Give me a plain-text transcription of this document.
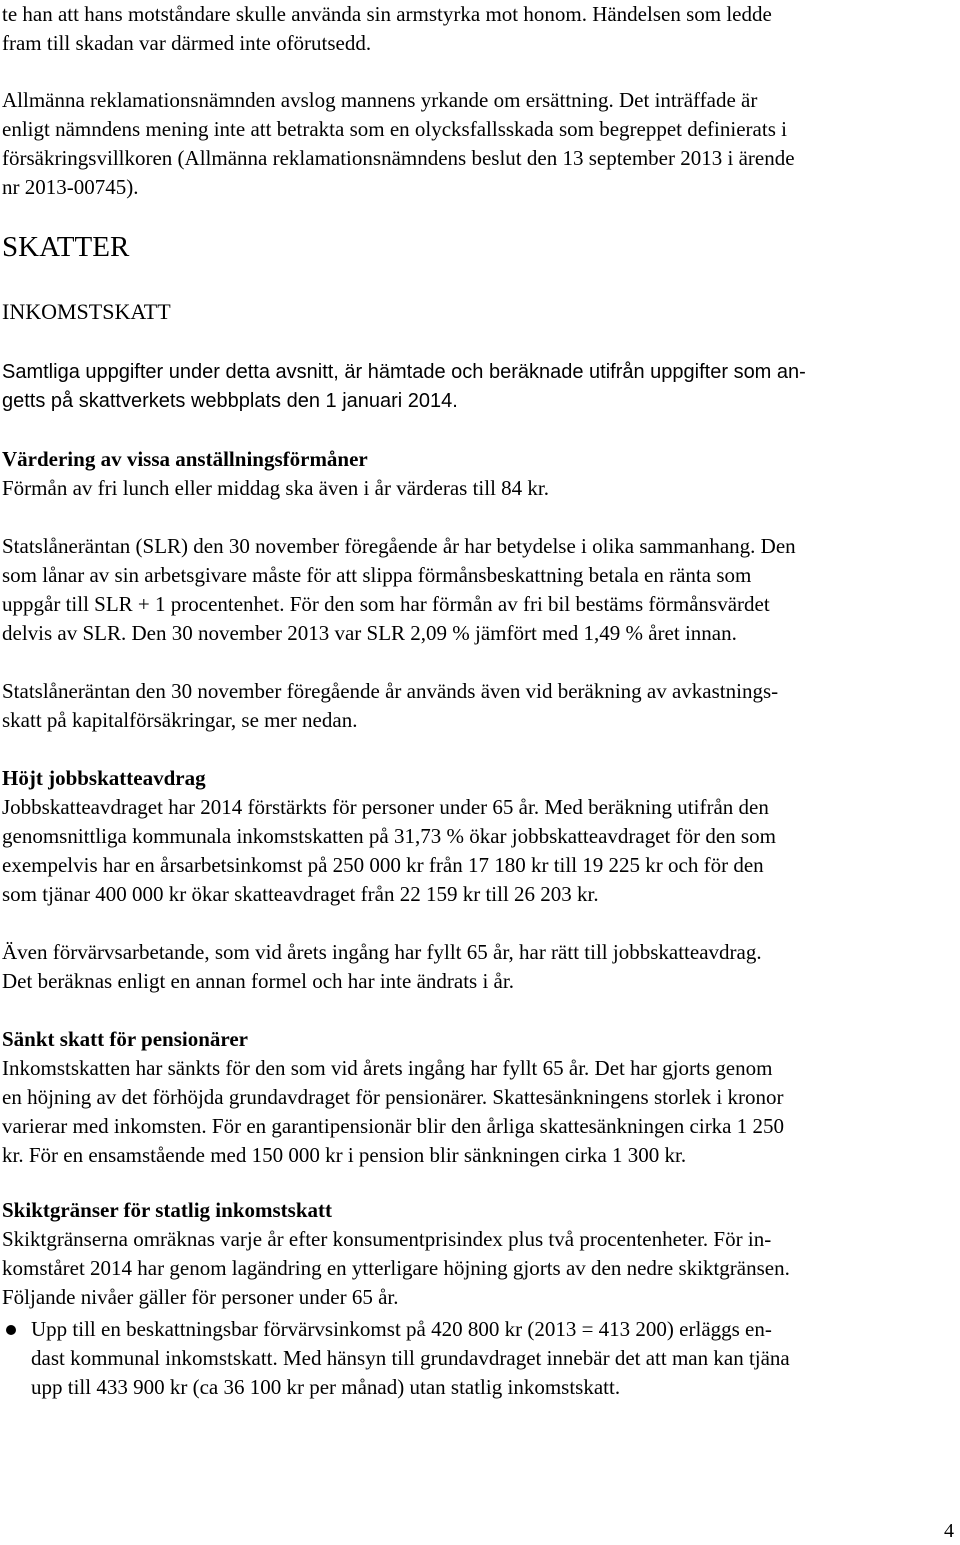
te han att hans motståndare skulle använda sin armstyrka mot honom. Händelsen som ledde

fram till skadan var därmed inte oförutsedd.

Allmänna reklamationsnämnden avslog mannens yrkande om ersättning. Det inträffade är

enligt nämndens mening inte att betrakta som en olycksfallsskada som begreppet definierats i

försäkringsvillkoren (Allmänna reklamationsnämndens beslut den 13 september 2013 i ärende

nr 2013-00745).

SKATTER
INKOMSTSKATT

Samtliga uppgifter under detta avsnitt, är hämtade och beräknade utifrån uppgifter som an-

getts på skattverkets webbplats den 1 januari 2014.

Värdering av vissa anställningsförmåner

Förmån av fri lunch eller middag ska även i år värderas till 84 kr.

Statslåneräntan (SLR) den 30 november föregående år har betydelse i olika sammanhang. Den

som lånar av sin arbetsgivare måste för att slippa förmånsbeskattning betala en ränta som

uppgår till SLR + 1 procentenhet. För den som har förmån av fri bil bestäms förmånsvärdet

delvis av SLR. Den 30 november 2013 var SLR 2,09 % jämfört med 1,49 % året innan.

Statslåneräntan den 30 november föregående år används även vid beräkning av avkastnings-

skatt på kapitalförsäkringar, se mer nedan.

Höjt jobbskatteavdrag

Jobbskatteavdraget har 2014 förstärkts för personer under 65 år. Med beräkning utifrån den

genomsnittliga kommunala inkomstskatten på 31,73 % ökar jobbskatteavdraget för den som

exempelvis har en årsarbetsinkomst på 250 000 kr från 17 180 kr till 19 225 kr och för den

som tjänar 400 000 kr ökar skatteavdraget från 22 159 kr till 26 203 kr.

Även förvärvsarbetande, som vid årets ingång har fyllt 65 år, har rätt till jobbskatteavdrag.

Det beräknas enligt en annan formel och har inte ändrats i år.

Sänkt skatt för pensionärer

Inkomstskatten har sänkts för den som vid årets ingång har fyllt 65 år. Det har gjorts genom

en höjning av det förhöjda grundavdraget för pensionärer. Skattesänkningens storlek i kronor

varierar med inkomsten. För en garantipensionär blir den årliga skattesänkningen cirka 1 250

kr. För en ensamstående med 150 000 kr i pension blir sänkningen cirka 1 300 kr.

Skiktgränser för statlig inkomstskatt

Skiktgränserna omräknas varje år efter konsumentprisindex plus två procentenheter. För in-

komståret 2014 har genom lagändring en ytterligare höjning gjorts av den nedre skiktgränsen.

Följande nivåer gäller för personer under 65 år.

Upp till en beskattningsbar förvärvsinkomst på 420 800 kr (2013 = 413 200) erläggs en-

dast kommunal inkomstskatt. Med hänsyn till grundavdraget innebär det att man kan tjäna

upp till 433 900 kr (ca 36 100 kr per månad) utan statlig inkomstskatt.

4
